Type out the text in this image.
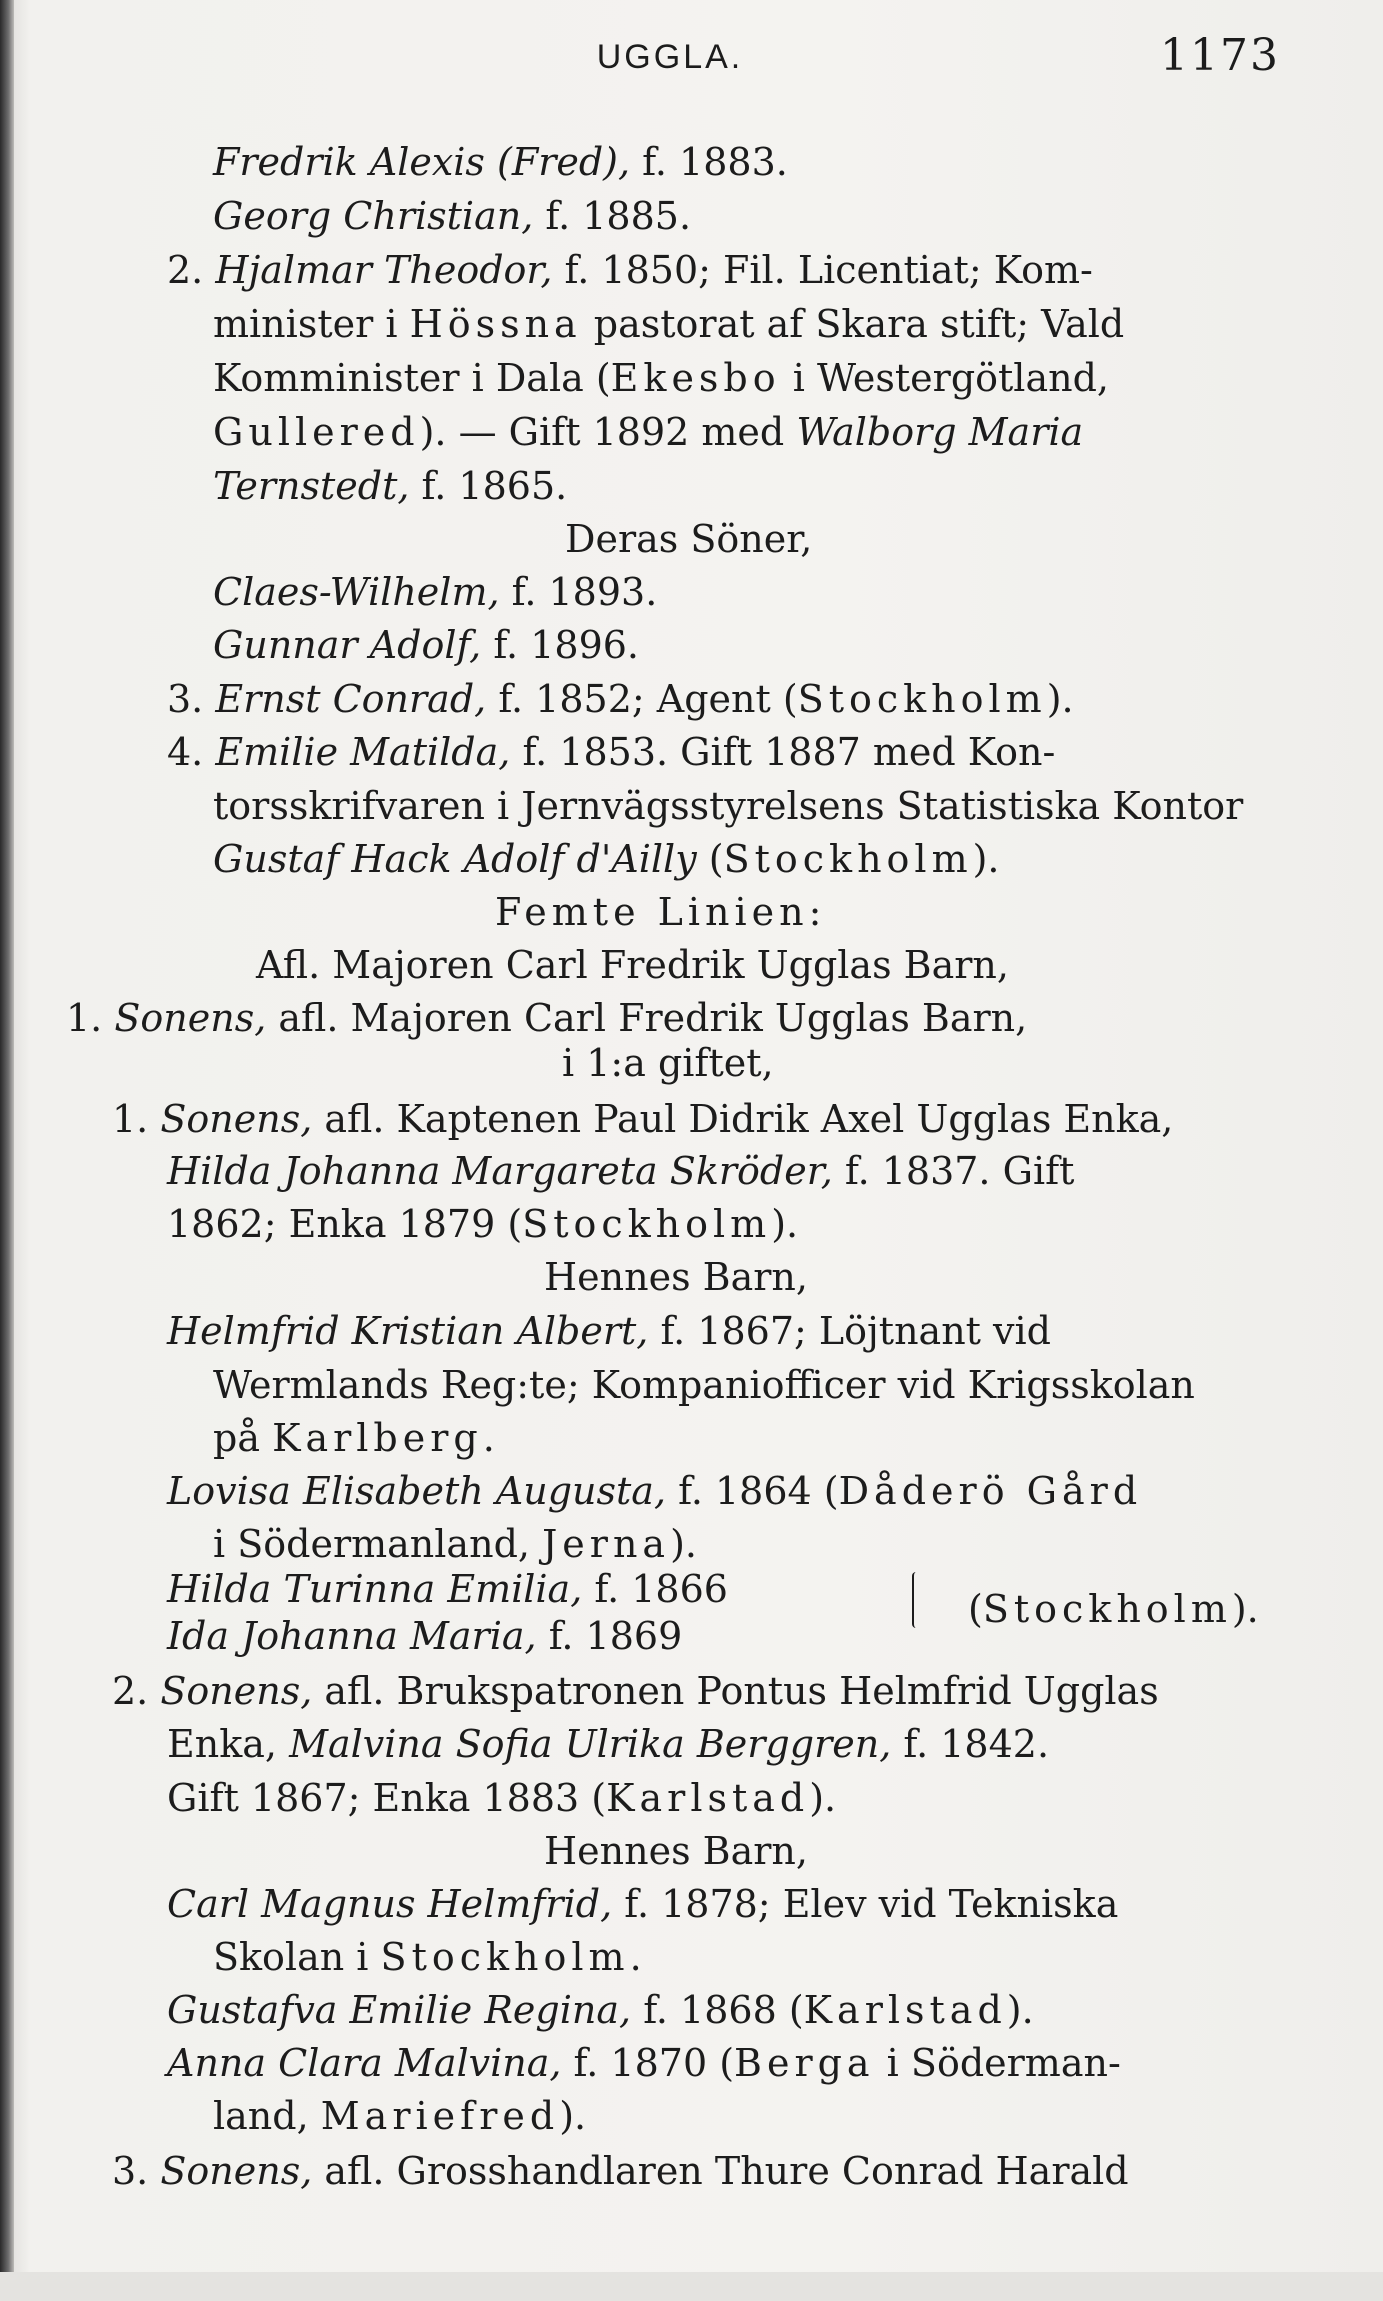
UGGLA.	1173
Fredrik Alexis (Fred), f. 1883.
Georg Christian, f. 1885.
2. Hjalmar Theodor, f. 1850; Fil. Licentiat; Kom-
minister i Hössna pastorat af Skara stift; Vald
Komminister i Dala (Ekesbo i Westergötland,
Gullered). — Gift 1892 med Walborg Maria
Ternstedt, f. 1865.
Deras Söner,
Claes-Wilhelm, f. 1893.
Gunnar Adolf, f. 1896.
3. Ernst Conrad, f. 1852; Agent (Stockholm).
4. Emilie Matilda, f. 1853. Gift 1887 med Kon-
torsskrifvaren i Jernvägsstyrelsens Statistiska Kontor
Gustaf Hack Adolf d'Ailly (Stockholm).
Femte Linien:
Afl. Majoren Carl Fredrik Ugglas Barn,
1. Sonens, afl. Majoren Carl Fredrik Ugglas Barn,
i 1:a giftet,
1. Sonens, afl. Kaptenen Paul Didrik Axel Ugglas Enka,
Hilda Johanna Margareta Skröder, f. 1837. Gift
1862; Enka 1879 (Stockholm).
Hennes Barn,
Helmfrid Kristian Albert, f. 1867; Löjtnant vid
Wermlands Reg:te; Kompaniofficer vid Krigsskolan
på Karlberg.
Lovisa Elisabeth Augusta, f. 1864 (Dåderö Gård
i Södermanland, Jerna).
Hilda Turinna Emilia, f. 1866
Ida Johanna Maria, f. 1869
(Stockholm).
2. Sonens, afl. Brukspatronen Pontus Helmfrid Ugglas
Enka, Malvina Sofia Ulrika Berggren, f. 1842.
Gift 1867; Enka 1883 (Karlstad).
Hennes Barn,
Carl Magnus Helmfrid, f. 1878; Elev vid Tekniska
Skolan i Stockholm.
Gustafva Emilie Regina, f. 1868 (Karlstad).
Anna Clara Malvina, f. 1870 (Berga i Söderman-
land, Mariefred).
3. Sonens, afl. Grosshandlaren Thure Conrad Harald
